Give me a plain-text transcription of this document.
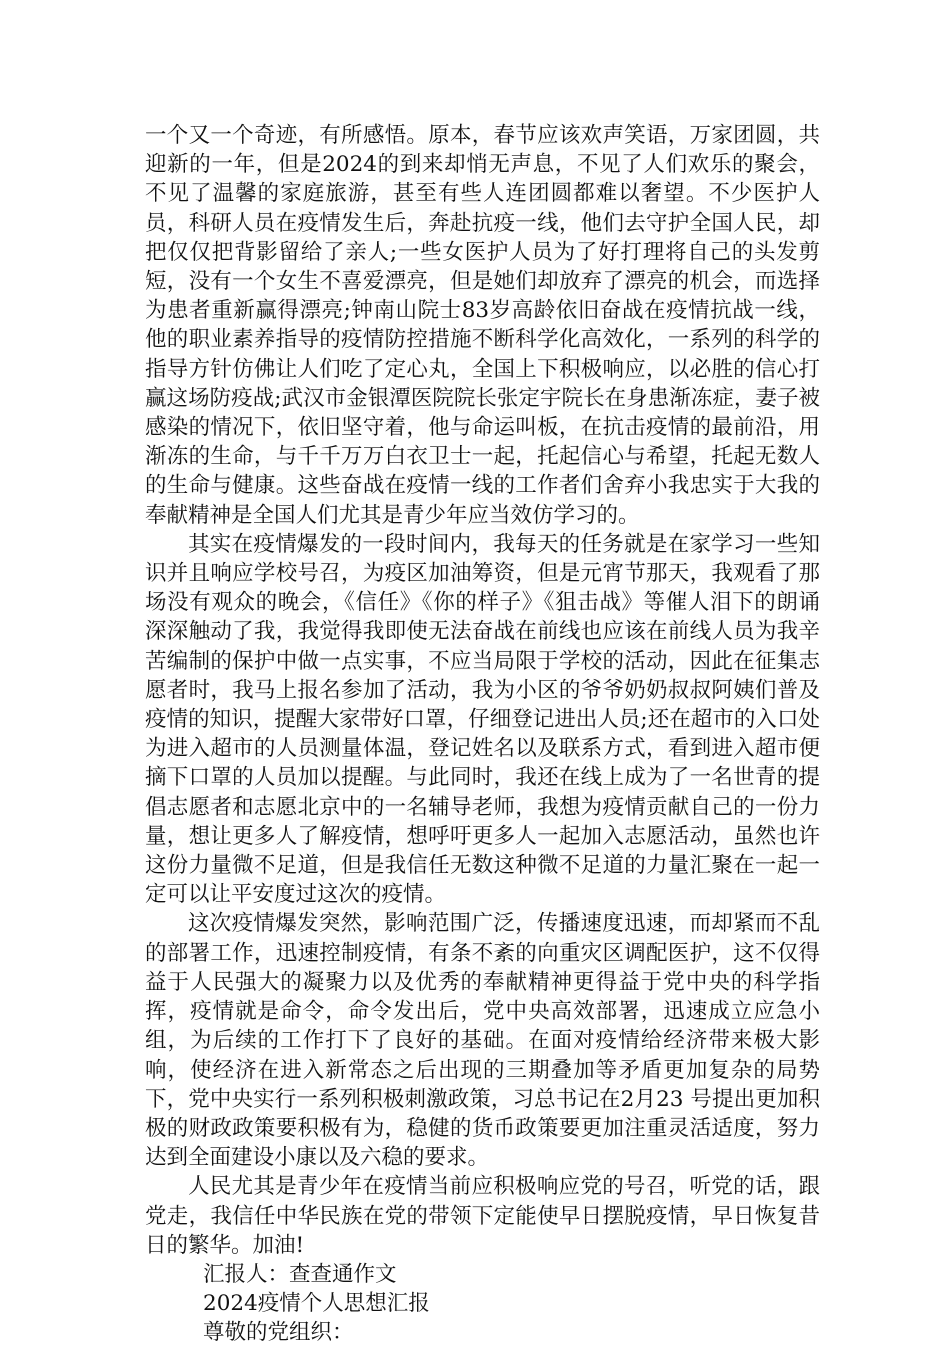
一个又一个奇迹，有所感悟。原本，春节应该欢声笑语，万家团圆，共迎新的一年，但是2024的到来却悄无声息，不见了人们欢乐的聚会，不见了温馨的家庭旅游，甚至有些人连团圆都难以奢望。不少医护人员，科研人员在疫情发生后，奔赴抗疫一线，他们去守护全国人民，却把仅仅把背影留给了亲人;一些女医护人员为了好打理将自己的头发剪短，没有一个女生不喜爱漂亮，但是她们却放弃了漂亮的机会，而选择为患者重新赢得漂亮;钟南山院士83岁高龄依旧奋战在疫情抗战一线，他的职业素养指导的疫情防控措施不断科学化高效化，一系列的科学的指导方针仿佛让人们吃了定心丸，全国上下积极响应，以必胜的信心打赢这场防疫战;武汉市金银潭医院院长张定宇院长在身患渐冻症，妻子被感染的情况下，依旧坚守着，他与命运叫板，在抗击疫情的最前沿，用渐冻的生命，与千千万万白衣卫士一起，托起信心与希望，托起无数人的生命与健康。这些奋战在疫情一线的工作者们舍弃小我忠实于大我的奉献精神是全国人们尤其是青少年应当效仿学习的。

其实在疫情爆发的一段时间内，我每天的任务就是在家学习一些知识并且响应学校号召，为疫区加油筹资，但是元宵节那天，我观看了那场没有观众的晚会，《信任》《你的样子》《狙击战》等催人泪下的朗诵深深触动了我，我觉得我即使无法奋战在前线也应该在前线人员为我辛苦编制的保护中做一点实事，不应当局限于学校的活动，因此在征集志愿者时，我马上报名参加了活动，我为小区的爷爷奶奶叔叔阿姨们普及疫情的知识，提醒大家带好口罩，仔细登记进出人员;还在超市的入口处为进入超市的人员测量体温，登记姓名以及联系方式，看到进入超市便摘下口罩的人员加以提醒。与此同时，我还在线上成为了一名世青的提倡志愿者和志愿北京中的一名辅导老师，我想为疫情贡献自己的一份力量，想让更多人了解疫情，想呼吁更多人一起加入志愿活动，虽然也许这份力量微不足道，但是我信任无数这种微不足道的力量汇聚在一起一定可以让平安度过这次的疫情。

这次疫情爆发突然，影响范围广泛，传播速度迅速，而却紧而不乱的部署工作，迅速控制疫情，有条不紊的向重灾区调配医护，这不仅得益于人民强大的凝聚力以及优秀的奉献精神更得益于党中央的科学指挥，疫情就是命令，命令发出后，党中央高效部署，迅速成立应急小组，为后续的工作打下了良好的基础。在面对疫情给经济带来极大影响，使经济在进入新常态之后出现的三期叠加等矛盾更加复杂的局势下，党中央实行一系列积极刺激政策，习总书记在2月23 号提出更加积极的财政政策要积极有为，稳健的货币政策要更加注重灵活适度，努力达到全面建设小康以及六稳的要求。

人民尤其是青少年在疫情当前应积极响应党的号召，听党的话，跟党走，我信任中华民族在党的带领下定能使早日摆脱疫情，早日恢复昔日的繁华。加油!

汇报人：查查通作文

2024疫情个人思想汇报

尊敬的党组织：
